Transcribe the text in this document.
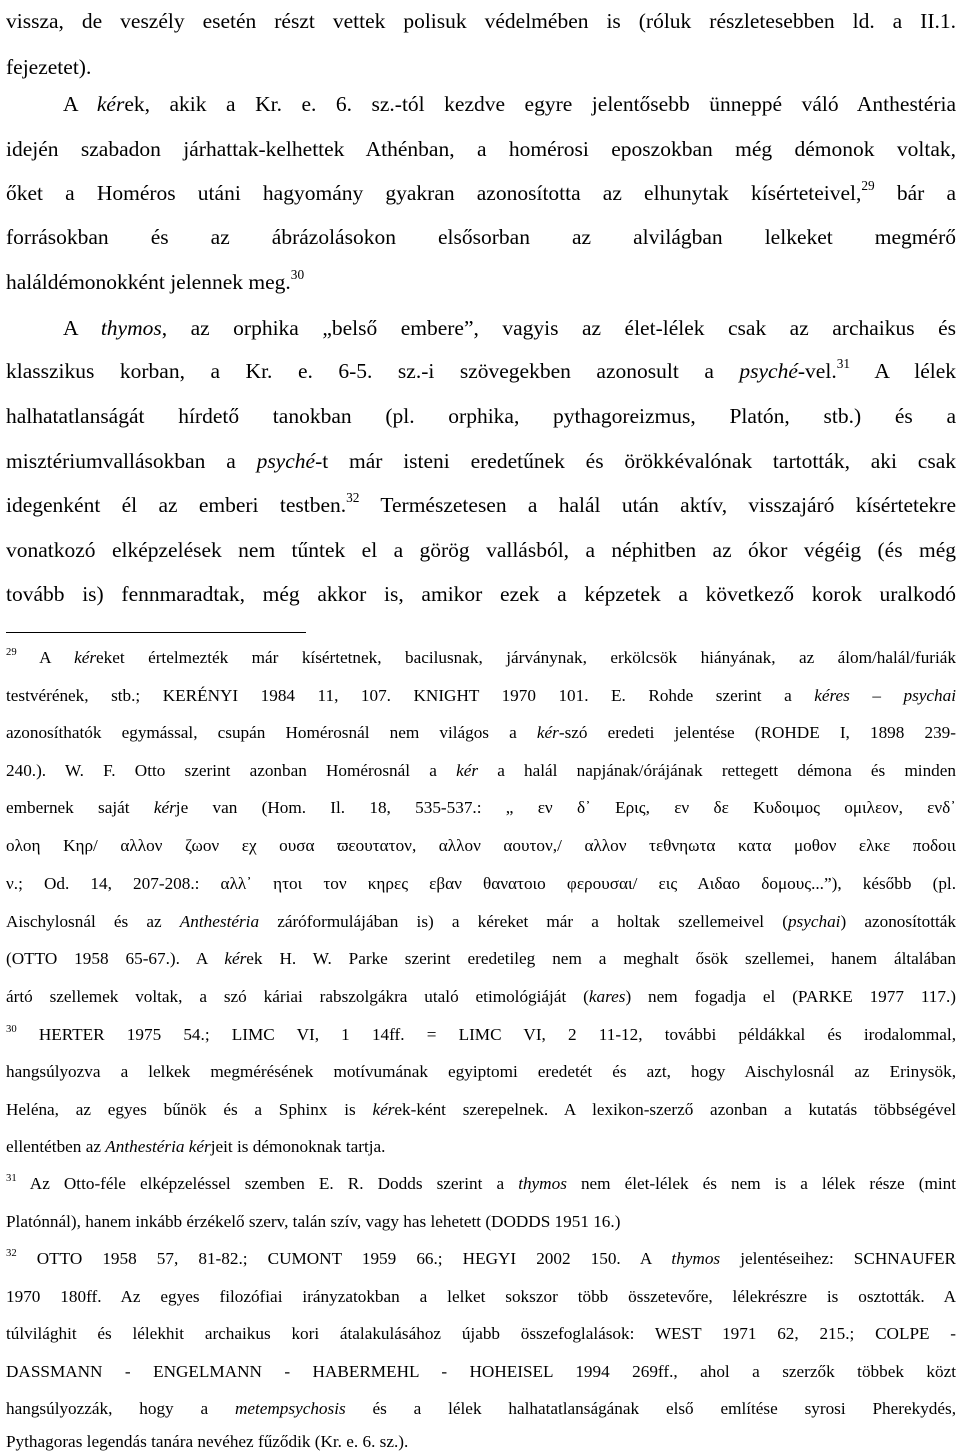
vissza, de veszély esetén részt vettek polisuk védelmében is (róluk részletesebben ld. a II.1.
fejezetet).
A kérek, akik a Kr. e. 6. sz.-tól kezdve egyre jelentősebb ünneppé váló Anthestéria
idején szabadon járhattak-kelhettek Athénban, a homérosi eposzokban még démonok voltak,
őket a Homéros utáni hagyomány gyakran azonosította az elhunytak kísérteteivel,$^{29}$ bár a
forrásokban és az ábrázolásokon elsősorban az alvilágban lelkeket megmérő
haláldémonokként jelennek meg.$^{30}$
A thymos, az orphika „belső embere”, vagyis az élet-lélek csak az archaikus és
klasszikus korban, a Kr. e. 6-5. sz.-i szövegekben azonosult a psyché-vel.$^{31}$ A lélek
halhatatlanságát hírdető tanokban (pl. orphika, pythagoreizmus, Platón, stb.) és a
misztériumvallásokban a psyché-t már isteni eredetűnek és örökkévalónak tartották, aki csak
idegenként él az emberi testben.$^{32}$ Természetesen a halál után aktív, visszajáró kísértetekre
vonatkozó elképzelések nem tűntek el a görög vallásból, a néphitben az ókor végéig (és még
tovább is) fennmaradtak, még akkor is, amikor ezek a képzetek a következő korok uralkodó
$^{29}$ A kéreket értelmezték már kísértetnek, bacilusnak, járványnak, erkölcsök hiányának, az álom/halál/furiák
testvérének, stb.; KERÉNYI 1984 11, 107. KNIGHT 1970 101. E. Rohde szerint a kéres – psychai
azonosíthatók egymással, csupán Homérosnál nem világos a kér-szó eredeti jelentése (ROHDE I, 1898 239-
240.). W. F. Otto szerint azonban Homérosnál a kér a halál napjának/órájának rettegett démona és minden
embernek saját kérje van (Hom. Il. 18, 535-537.: „ εν δ᾽ Ερις, εν δε Κυδοιμος ομιλεον, ενδ᾽
ολοη Κηρ/ αλλον ζωον εχ ουσα ϖεουτατον, αλλον αουτον,/ αλλον τεθνηωτα κατα μοθον ελκε ποδοιι
ν.; Od. 14, 207-208.: αλλ᾽ ητοι τον κηρες εβαν θανατοιο φερουσαι/ εις Αιδαο δομους...”), később (pl.
Aischylosnál és az Anthestéria záróformulájában is) a kéreket már a holtak szellemeivel (psychai) azonosították
(OTTO 1958 65-67.). A kérek H. W. Parke szerint eredetileg nem a meghalt ősök szellemei, hanem általában
ártó szellemek voltak, a szó káriai rabszolgákra utaló etimológiáját (kares) nem fogadja el (PARKE 1977 117.)
$^{30}$ HERTER 1975 54.; LIMC VI, 1 14ff. = LIMC VI, 2 11-12, további példákkal és irodalommal,
hangsúlyozva a lelkek megmérésének motívumának egyiptomi eredetét és azt, hogy Aischylosnál az Erinysök,
Heléna, az egyes bűnök és a Sphinx is kérek-ként szerepelnek. A lexikon-szerző azonban a kutatás többségével
ellentétben az Anthestéria kérjeit is démonoknak tartja.
$^{31}$ Az Otto-féle elképzeléssel szemben E. R. Dodds szerint a thymos nem élet-lélek és nem is a lélek része (mint
Platónnál), hanem inkább érzékelő szerv, talán szív, vagy has lehetett (DODDS 1951 16.)
$^{32}$ OTTO 1958 57, 81-82.; CUMONT 1959 66.; HEGYI 2002 150. A thymos jelentéseihez: SCHNAUFER
1970 180ff. Az egyes filozófiai irányzatokban a lelket sokszor több összetevőre, lélekrészre is osztották. A
túlvilághit és lélekhit archaikus kori átalakulásához újabb összefoglalások: WEST 1971 62, 215.; COLPE -
DASSMANN - ENGELMANN - HABERMEHL - HOHEISEL 1994 269ff., ahol a szerzők többek közt
hangsúlyozzák, hogy a metempsychosis és a lélek halhatatlanságának első említése syrosi Pherekydés,
Pythagoras legendás tanára nevéhez fűződik (Kr. e. 6. sz.).
